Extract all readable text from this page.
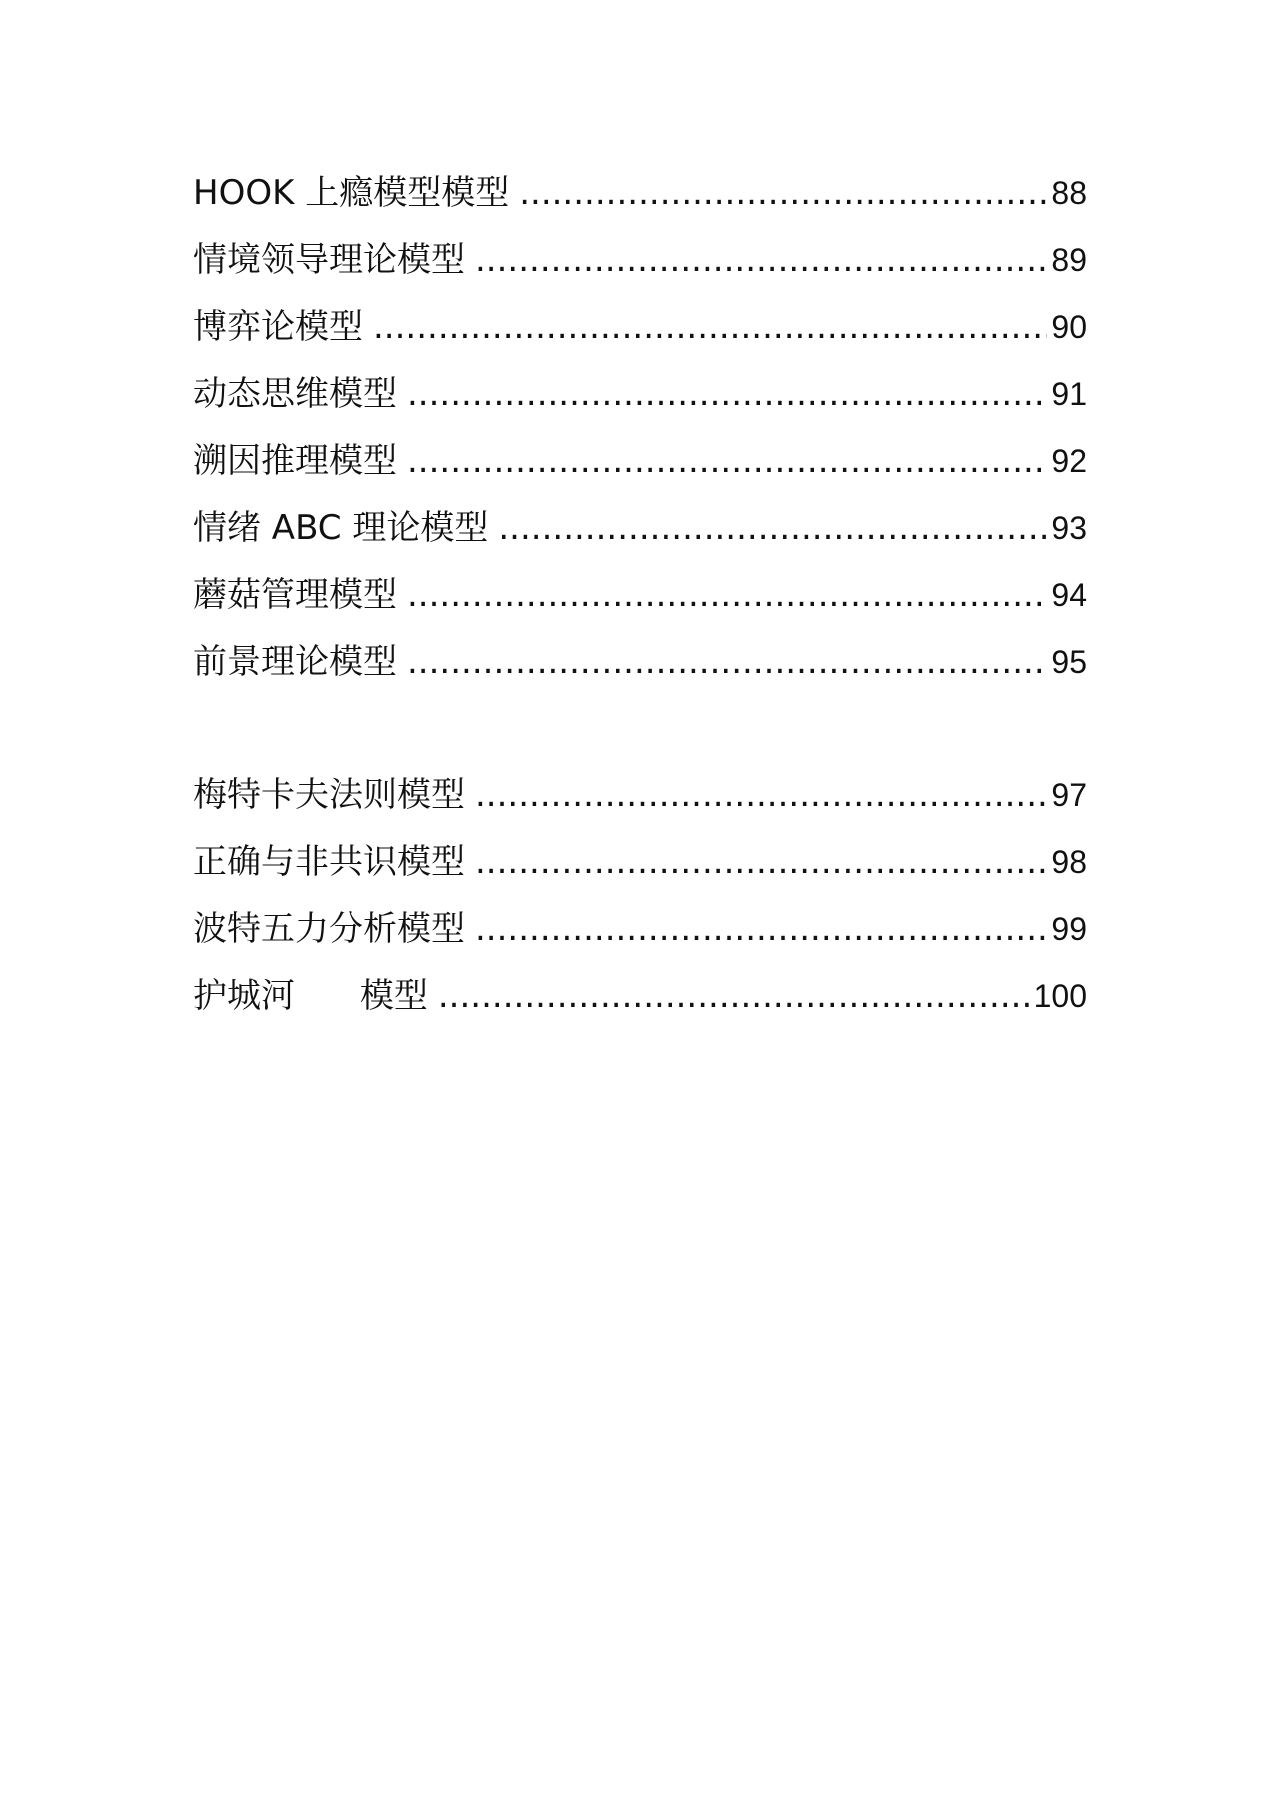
HOOK 上瘾模型模型 .....	88
情境领导理论模型 .....	89
博弈论模型 .....	90
动态思维模型 .....	91
溯因推理模型 .....	92
情绪 ABC 理论模型 .....	93
蘑菇管理模型 .....	94
前景理论模型 .....	95
梅特卡夫法则模型 .....	97
正确与非共识模型 .....	98
波特五力分析模型 .....	99
护城河      模型 .....	100
